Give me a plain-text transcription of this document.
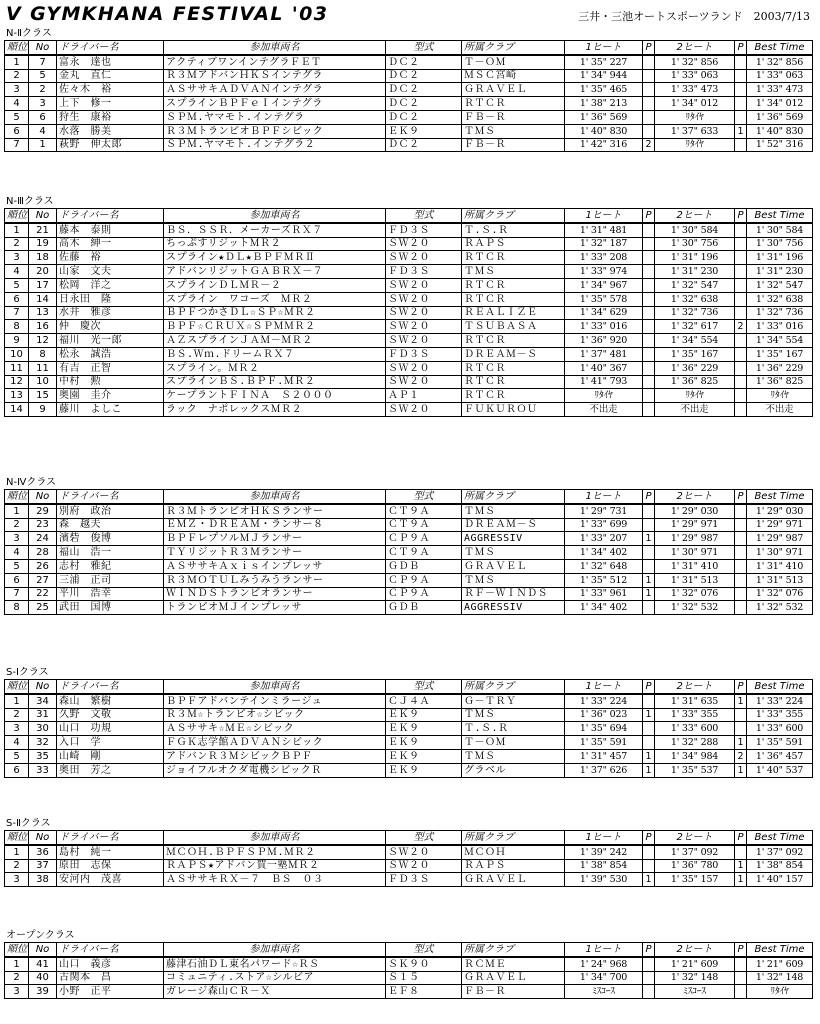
V GYMKHANA FESTIVAL '03	三井・三池オートスポーツランド　2003/7/13
N-Ⅱクラス
順位	No	ドライバー名	参加車両名	型式	所属クラブ	1ヒート	P	2ヒート	P	Best Time
1	7	富永　達也	アクティブワンインテグラＦＥＴ	ＤＣ２	Ｔ－ＯＭ	1' 35" 227		1' 32" 856		1' 32" 856
2	5	金丸　直仁	Ｒ３ＭアドバンＨＫＳインテグラ	ＤＣ２	ＭＳＣ宮崎	1' 34" 944		1' 33" 063		1' 33" 063
3	2	佐々木　裕	ＡＳササキＡＤＶＡＮインテグラ	ＤＣ２	ＧＲＡＶＥＬ	1' 35" 465		1' 33" 473		1' 33" 473
4	3	上下　修一	スプラインＢＰＦｅＩインテグラ	ＤＣ２	ＲＴＣＲ	1' 38" 213		1' 34" 012		1' 34" 012
5	6	狩生　康裕	ＳＰＭ.ヤマモト.インテグラ	ＤＣ２	ＦＢ－Ｒ	1' 36" 569		ﾘﾀｲﾔ		1' 36" 569
6	4	水落　勝美	Ｒ３ＭトランピオＢＰＦシビック	ＥＫ９	ＴＭＳ	1' 40" 830		1' 37" 633	1	1' 40" 830
7	1	萩野　伸太郎	ＳＰＭ.ヤマモト.インテグラ２	ＤＣ２	ＦＢ－Ｒ	1' 42" 316	2	ﾘﾀｲﾔ		1' 52" 316
N-Ⅲクラス
順位	No	ドライバー名	参加車両名	型式	所属クラブ	1ヒート	P	2ヒート	P	Best Time
1	21	藤本　泰則	ＢＳ．ＳＳＲ．メーカーズＲＸ７	ＦＤ３Ｓ	Ｔ.Ｓ.Ｒ	1' 31" 481		1' 30" 584		1' 30" 584
2	19	高木　紳一	ちっぷすリジットＭＲ２	ＳＷ２０	ＲＡＰＳ	1' 32" 187		1' 30" 756		1' 30" 756
3	18	佐藤　裕	スプライン★ＤＬ★ＢＰＦＭＲⅡ	ＳＷ２０	ＲＴＣＲ	1' 33" 208		1' 31" 196		1' 31" 196
4	20	山家　文夫	アドバンリジットＧＡＢＲＸ－７	ＦＤ３Ｓ	ＴＭＳ	1' 33" 974		1' 31" 230		1' 31" 230
5	17	松岡　洋之	スプラインＤＬＭＲ－２	ＳＷ２０	ＲＴＣＲ	1' 34" 967		1' 32" 547		1' 32" 547
6	14	日永田　隆	スプライン　ワコーズ　ＭＲ２	ＳＷ２０	ＲＴＣＲ	1' 35" 578		1' 32" 638		1' 32" 638
7	13	水井　雅彦	ＢＰＦつかさＤＬ☆ＳＰ☆ＭＲ２	ＳＷ２０	ＲＥＡＬＩＺＥ	1' 34" 629		1' 32" 736		1' 32" 736
8	16	仲　慶次	ＢＰＦ☆ＣＲＵＸ☆ＳＰＭＭＲ２	ＳＷ２０	ＴＳＵＢＡＳＡ	1' 33" 016		1' 32" 617	2	1' 33" 016
9	12	福川　光一郎	ＡＺスプラインＪＡＭ－ＭＲ２	ＳＷ２０	ＲＴＣＲ	1' 36" 920		1' 34" 554		1' 34" 554
10	8	松永　誠浩	ＢＳ.Ｗｍ.ドリームＲＸ７	ＦＤ３Ｓ	ＤＲＥＡＭ－Ｓ	1' 37" 481		1' 35" 167		1' 35" 167
11	11	有吉　正智	スプライン。ＭＲ２	ＳＷ２０	ＲＴＣＲ	1' 40" 367		1' 36" 229		1' 36" 229
12	10	中村　勲	スプラインＢＳ.ＢＰＦ.ＭＲ２	ＳＷ２０	ＲＴＣＲ	1' 41" 793		1' 36" 825		1' 36" 825
13	15	奥園　圭介	ケープラントＦＩＮＡ　Ｓ２０００	ＡＰ１	ＲＴＣＲ	ﾘﾀｲﾔ		ﾘﾀｲﾔ		ﾘﾀｲﾔ
14	9	藤川　よしこ	ラック　ナポレックスＭＲ２	ＳＷ２０	ＦＵＫＵＲＯＵ	不出走		不出走		不出走
N-Ⅳクラス
順位	No	ドライバー名	参加車両名	型式	所属クラブ	1ヒート	P	2ヒート	P	Best Time
1	29	別府　政治	Ｒ３ＭトランピオＨＫＳランサー	ＣＴ９Ａ	ＴＭＳ	1' 29" 731		1' 29" 030		1' 29" 030
2	23	森　越夫	ＥＭＺ・ＤＲＥＡＭ・ランサー８	ＣＴ９Ａ	ＤＲＥＡＭ－Ｓ	1' 33" 699		1' 29" 971		1' 29" 971
3	24	濱砦　俊博	ＢＰＦレプソルＭＪランサー	ＣＰ９Ａ	AGGRESSIV	1' 33" 207	1	1' 29" 987		1' 29" 987
4	28	福山　浩一	ＴＹリジットＲ３Ｍランサー	ＣＴ９Ａ	ＴＭＳ	1' 34" 402		1' 30" 971		1' 30" 971
5	26	志村　雅紀	ＡＳササキＡｘｉｓインプレッサ	ＧＤＢ	ＧＲＡＶＥＬ	1' 32" 648		1' 31" 410		1' 31" 410
6	27	三浦　正司	Ｒ３ＭＯＴＵＬみうみうランサー	ＣＰ９Ａ	ＴＭＳ	1' 35" 512	1	1' 31" 513		1' 31" 513
7	22	平川　浩幸	ＷＩＮＤＳトランピオランサー	ＣＰ９Ａ	ＲＦ－ＷＩＮＤＳ	1' 33" 961	1	1' 32" 076		1' 32" 076
8	25	武田　国博	トランピオＭＪインプレッサ	ＧＤＢ	AGGRESSIV	1' 34" 402		1' 32" 532		1' 32" 532
S-Ⅰクラス
順位	No	ドライバー名	参加車両名	型式	所属クラブ	1ヒート	P	2ヒート	P	Best Time
1	34	森山　繁樹	ＢＰＦアドバンテインミラージュ	ＣＪ４Ａ	Ｇ－ＴＲＹ	1' 33" 224		1' 31" 635	1	1' 33" 224
2	31	久野　文敬	Ｒ３Ｍ☆トランピオ☆シビック	ＥＫ９	ＴＭＳ	1' 36" 023	1	1' 33" 355		1' 33" 355
3	30	山口　功規	ＡＳササキ☆ＭＥ☆シビック	ＥＫ９	Ｔ.Ｓ.Ｒ	1' 35" 694		1' 33" 600		1' 33" 600
4	32	入口　学	ＦＧＫ志学館ＡＤＶＡＮシビック	ＥＫ９	Ｔ－ＯＭ	1' 35" 591		1' 32" 288	1	1' 35" 591
5	35	山崎　剛	アドバンＲ３ＭシビックＢＰＦ	ＥＫ９	ＴＭＳ	1' 31" 457	1	1' 34" 984	2	1' 36" 457
6	33	奥田　芳之	ジョイフルオクダ電機シビックＲ	ＥＫ９	グラベル	1' 37" 626	1	1' 35" 537	1	1' 40" 537
S-Ⅱクラス
順位	No	ドライバー名	参加車両名	型式	所属クラブ	1ヒート	P	2ヒート	P	Best Time
1	36	島村　純一	ＭＣＯＨ.ＢＰＦＳＰＭ.ＭＲ２	ＳＷ２０	ＭＣＯＨ	1' 39" 242		1' 37" 092		1' 37" 092
2	37	原田　志保	ＲＡＰＳ★アドバン賀一塾ＭＲ２	ＳＷ２０	ＲＡＰＳ	1' 38" 854		1' 36" 780	1	1' 38" 854
3	38	安河内　茂喜	ＡＳササキＲＸ－７　ＢＳ　０３	ＦＤ３Ｓ	ＧＲＡＶＥＬ	1' 39" 530	1	1' 35" 157	1	1' 40" 157
オープンクラス
順位	No	ドライバー名	参加車両名	型式	所属クラブ	1ヒート	P	2ヒート	P	Best Time
1	41	山口　義彦	藤津石油ＤＬ東名パワード☆ＲＳ	ＳＫ９０	ＲＣＭＥ	1' 24" 968		1' 21" 609		1' 21" 609
2	40	古関本　昌	コミュニティ.ストア☆シルビア	Ｓ１５	ＧＲＡＶＥＬ	1' 34" 700		1' 32" 148		1' 32" 148
3	39	小野　正平	ガレージ森山ＣＲ－Ｘ	ＥＦ８	ＦＢ－Ｒ	ﾐｽｺｰｽ		ﾐｽｺｰｽ		ﾘﾀｲﾔ
